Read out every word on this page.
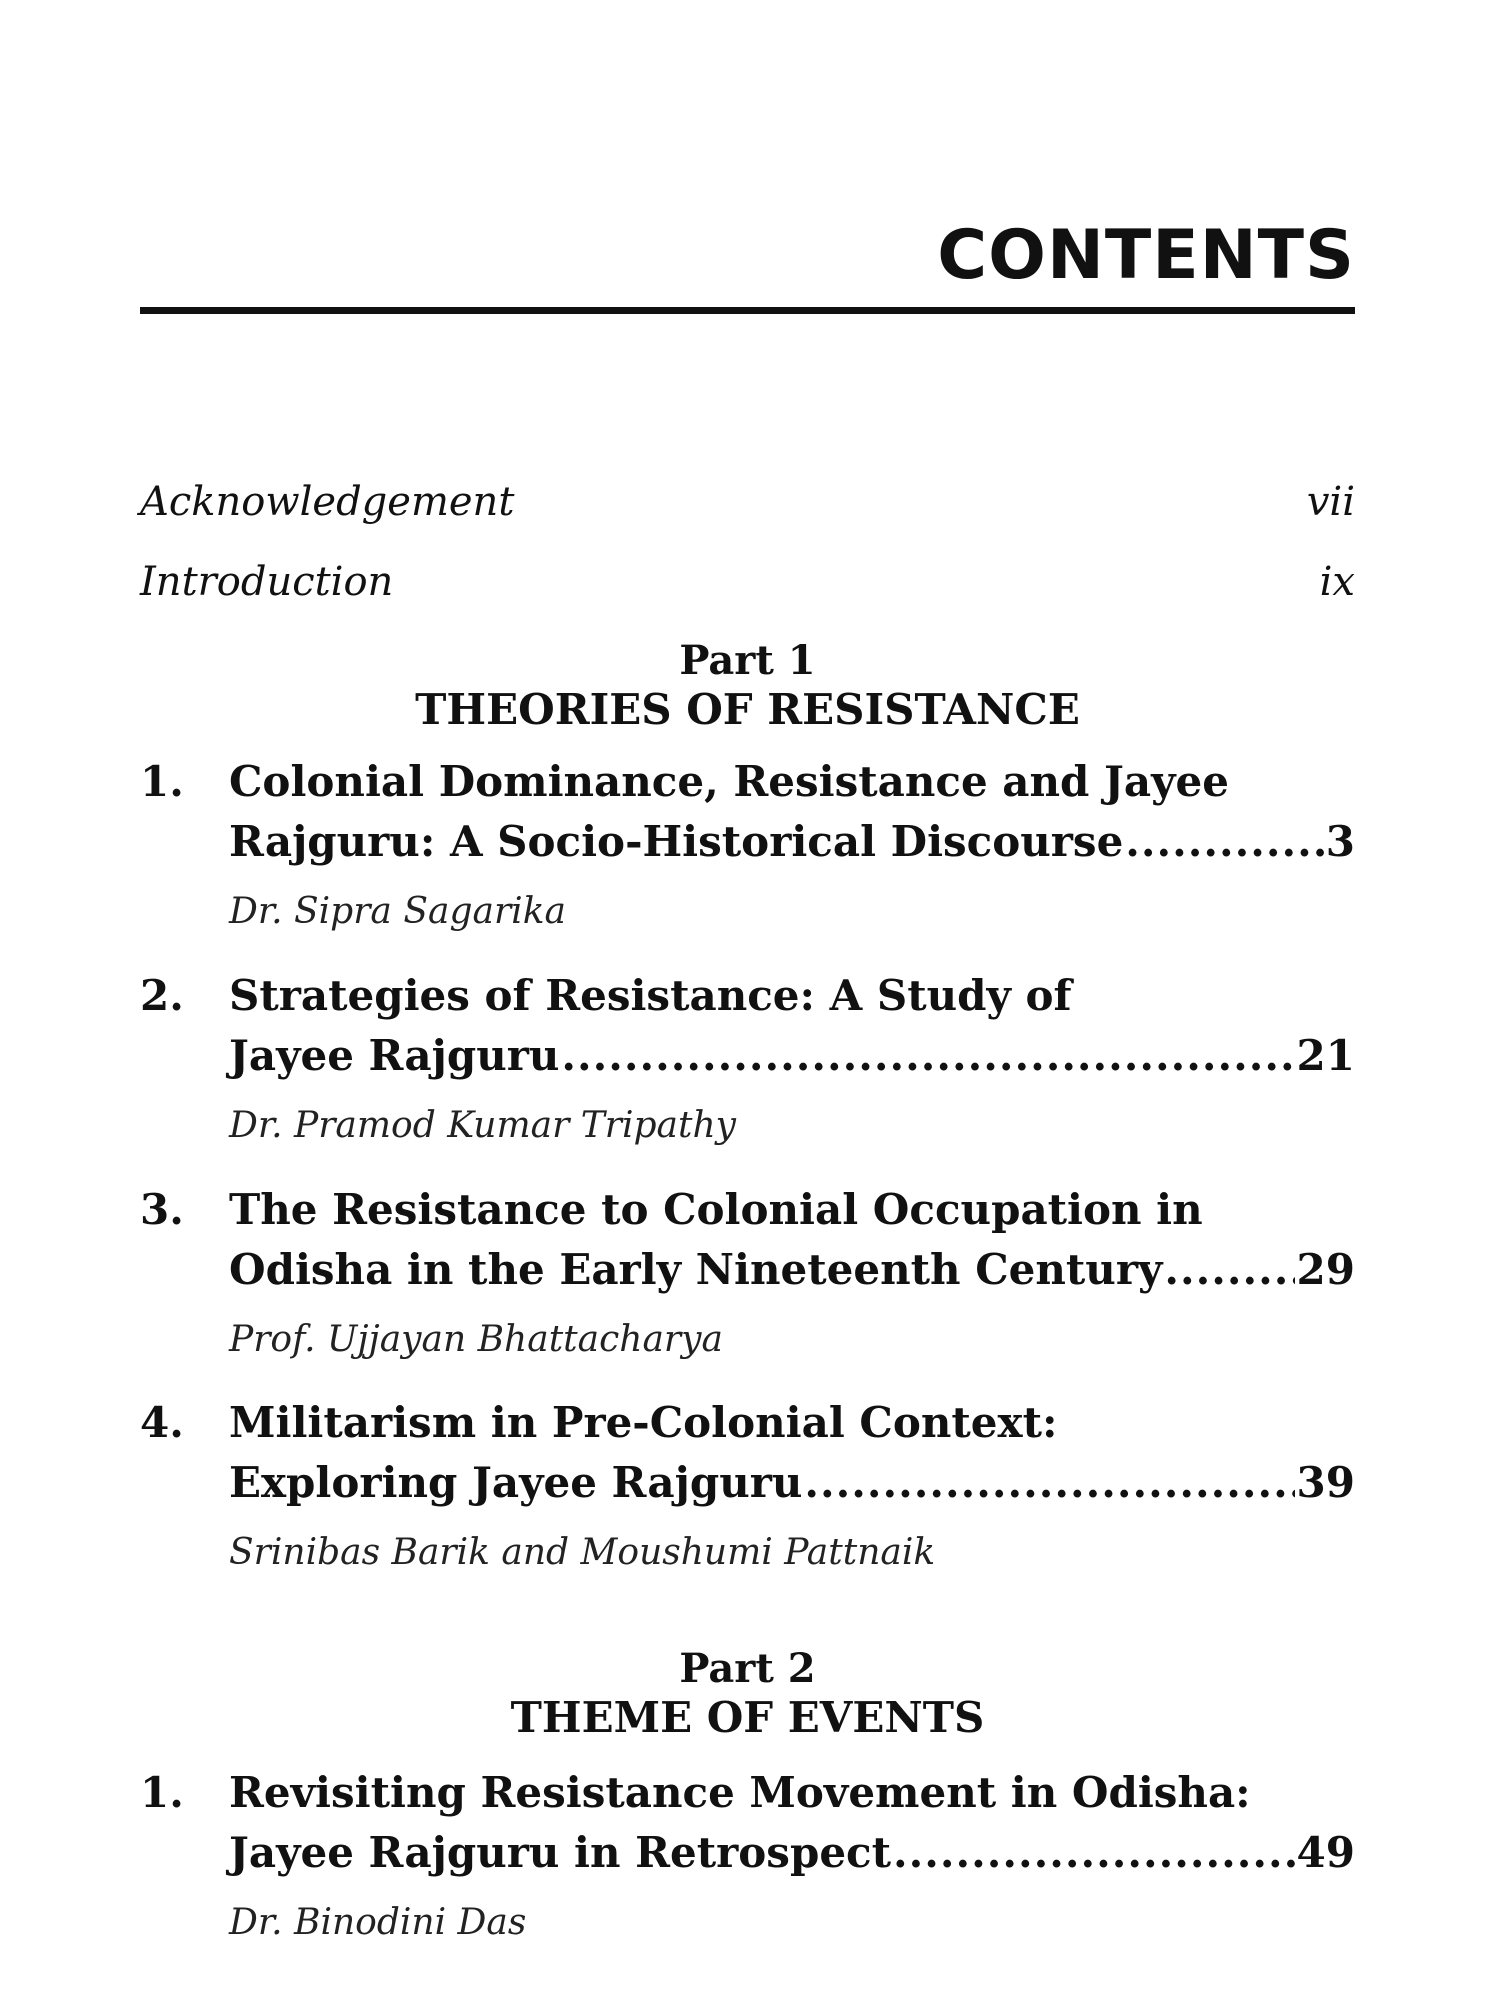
CONTENTS
Acknowledgement	vii
Introduction	ix
Part 1
THEORIES OF RESISTANCE
1. Colonial Dominance, Resistance and Jayee
Rajguru: A Socio-Historical Discourse .....	3
Dr. Sipra Sagarika
2. Strategies of Resistance: A Study of
Jayee Rajguru .....	21
Dr. Pramod Kumar Tripathy
3. The Resistance to Colonial Occupation in
Odisha in the Early Nineteenth Century .....	29
Prof. Ujjayan Bhattacharya
4. Militarism in Pre-Colonial Context:
Exploring Jayee Rajguru .....	39
Srinibas Barik and Moushumi Pattnaik
Part 2
THEME OF EVENTS
1. Revisiting Resistance Movement in Odisha:
Jayee Rajguru in Retrospect .....	49
Dr. Binodini Das
